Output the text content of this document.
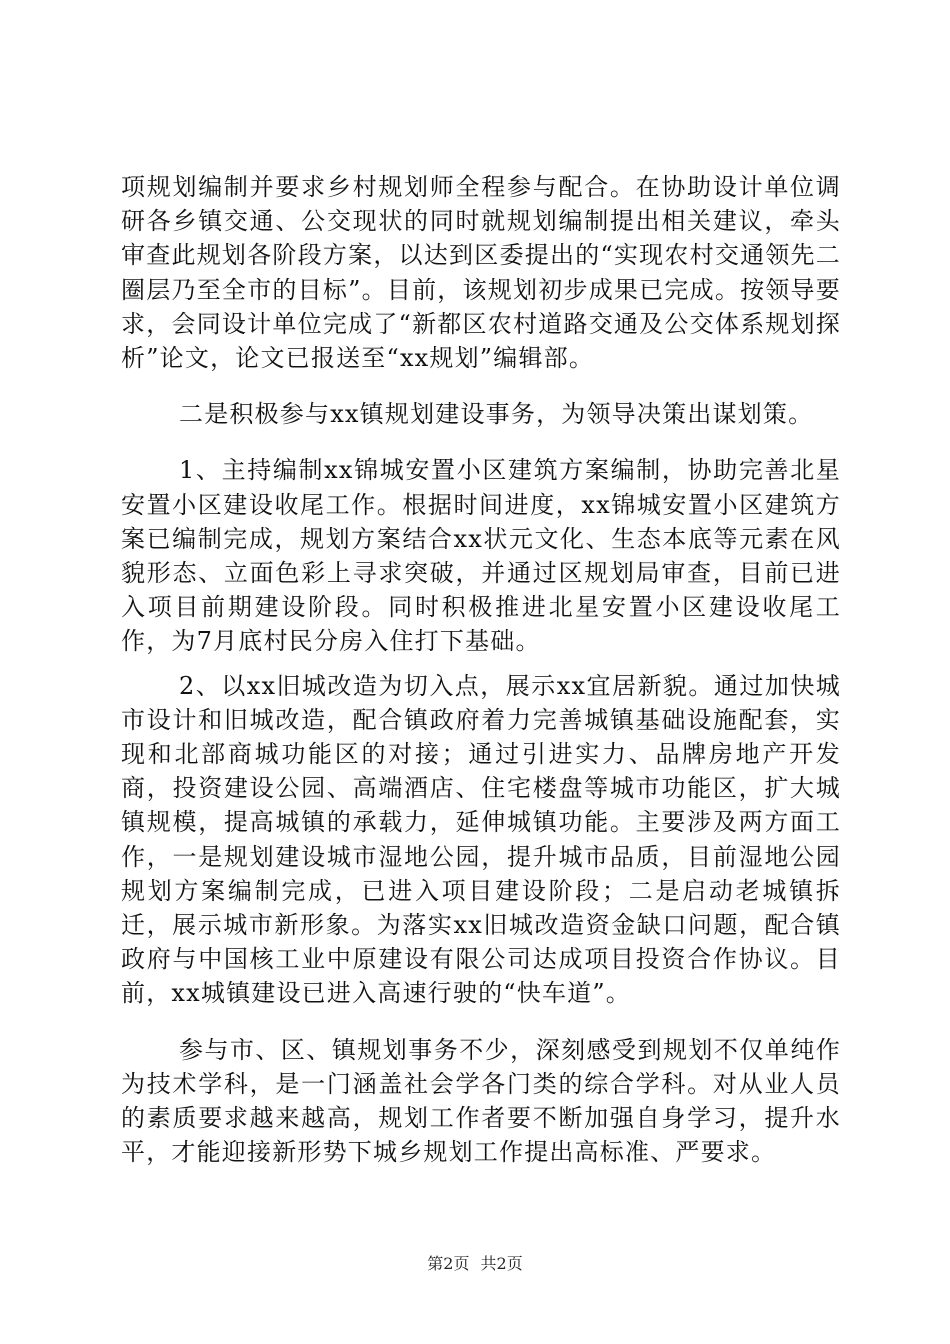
项规划编制并要求乡村规划师全程参与配合。在协助设计单位调研各乡镇交通、公交现状的同时就规划编制提出相关建议，牵头审查此规划各阶段方案，以达到区委提出的“实现农村交通领先二圈层乃至全市的目标”。目前，该规划初步成果已完成。按领导要求，会同设计单位完成了“新都区农村道路交通及公交体系规划探析”论文，论文已报送至“xx规划”编辑部。

二是积极参与xx镇规划建设事务，为领导决策出谋划策。

1、主持编制xx锦城安置小区建筑方案编制，协助完善北星安置小区建设收尾工作。根据时间进度，xx锦城安置小区建筑方案已编制完成，规划方案结合xx状元文化、生态本底等元素在风貌形态、立面色彩上寻求突破，并通过区规划局审查，目前已进入项目前期建设阶段。同时积极推进北星安置小区建设收尾工作，为7月底村民分房入住打下基础。

2、以xx旧城改造为切入点，展示xx宜居新貌。通过加快城市设计和旧城改造，配合镇政府着力完善城镇基础设施配套，实现和北部商城功能区的对接；通过引进实力、品牌房地产开发商，投资建设公园、高端酒店、住宅楼盘等城市功能区，扩大城镇规模，提高城镇的承载力，延伸城镇功能。主要涉及两方面工作，一是规划建设城市湿地公园，提升城市品质，目前湿地公园规划方案编制完成，已进入项目建设阶段；二是启动老城镇拆迁，展示城市新形象。为落实xx旧城改造资金缺口问题，配合镇政府与中国核工业中原建设有限公司达成项目投资合作协议。目前，xx城镇建设已进入高速行驶的“快车道”。

参与市、区、镇规划事务不少，深刻感受到规划不仅单纯作为技术学科，是一门涵盖社会学各门类的综合学科。对从业人员的素质要求越来越高，规划工作者要不断加强自身学习，提升水平，才能迎接新形势下城乡规划工作提出高标准、严要求。

第2页 共2页
